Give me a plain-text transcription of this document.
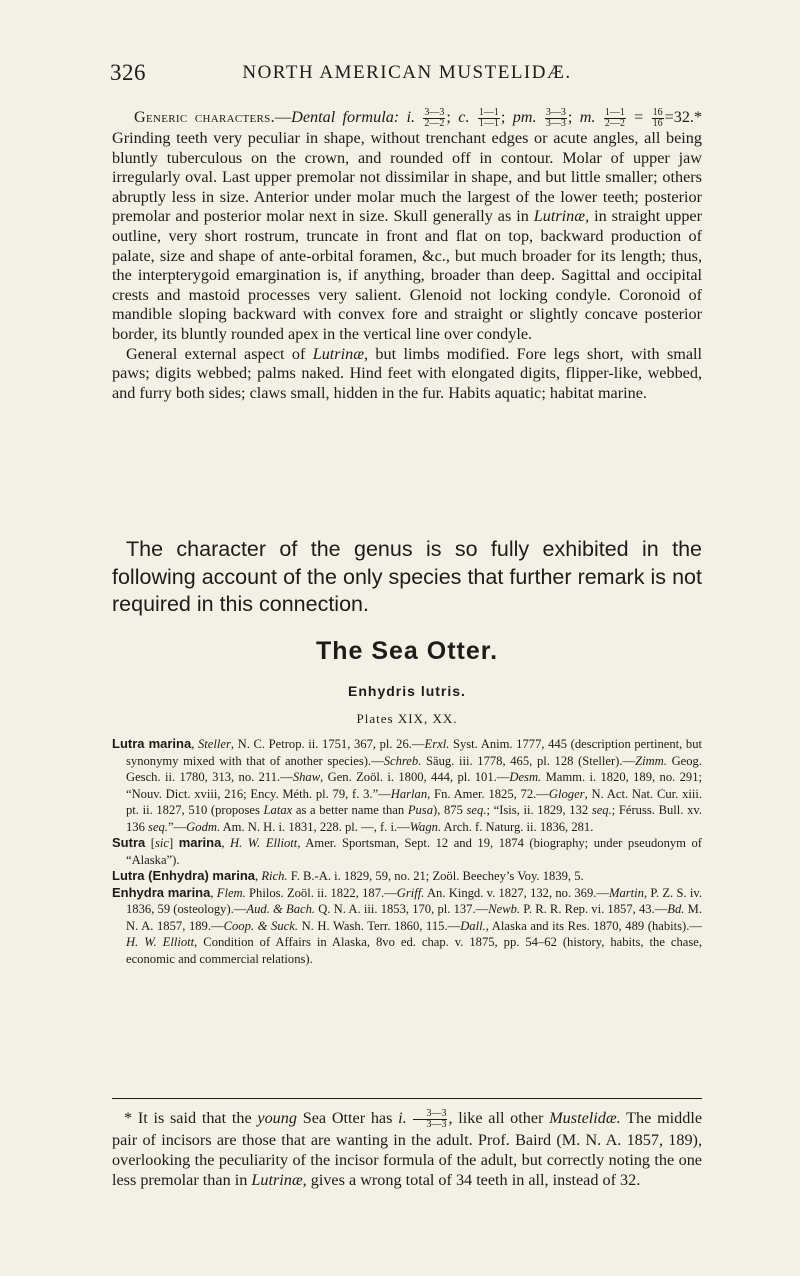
326	NORTH AMERICAN MUSTELIDÆ.

Generic characters.—Dental formula: i. $\frac{3—3}{2—2}$ ; c. $\frac{1—1}{1—1}$ ; pm. $\frac{3—3}{3—3}$ ; m. $\frac{1—1}{2—2} = \frac{16}{16} =32.*$ Grinding teeth very peculiar in shape, without trenchant edges or acute angles, all being bluntly tuberculous on the crown, and rounded off in contour. Molar of upper jaw irregularly oval. Last upper premolar not dissimilar in shape, and but little smaller; others abruptly less in size. Anterior under molar much the largest of the lower teeth; posterior premolar and posterior molar next in size. Skull generally as in Lutrinæ, in straight upper outline, very short rostrum, truncate in front and flat on top, backward production of palate, size and shape of ante-orbital foramen, &c., but much broader for its length; thus, the interpterygoid emargination is, if anything, broader than deep. Sagittal and occipital crests and mastoid processes very salient. Glenoid not locking condyle. Coronoid of mandible sloping backward with convex fore and straight or slightly concave posterior border, its bluntly rounded apex in the vertical line over condyle.

General external aspect of Lutrinæ, but limbs modified. Fore legs short, with small paws; digits webbed; palms naked. Hind feet with elongated digits, flipper-like, webbed, and furry both sides; claws small, hidden in the fur. Habits aquatic; habitat marine.

The character of the genus is so fully exhibited in the following account of the only species that further remark is not required in this connection.
The Sea Otter.
Enhydris lutris.
Plates XIX, XX.

Lutra marina, Steller, N. C. Petrop. ii. 1751, 367, pl. 26.—Erxl. Syst. Anim. 1777, 445 (description pertinent, but synonymy mixed with that of another species).—Schreb. Säug. iii. 1778, 465, pl. 128 (Steller).—Zimm. Geog. Gesch. ii. 1780, 313, no. 211.—Shaw, Gen. Zoöl. i. 1800, 444, pl. 101.—Desm. Mamm. i. 1820, 189, no. 291; “Nouv. Dict. xviii, 216; Ency. Méth. pl. 79, f. 3.”—Harlan, Fn. Amer. 1825, 72.—Gloger, N. Act. Nat. Cur. xiii. pt. ii. 1827, 510 (proposes Latax as a better name than Pusa), 875 seq.; “Isis, ii. 1829, 132 seq.; Féruss. Bull. xv. 136 seq.”—Godm. Am. N. H. i. 1831, 228. pl. —, f. i.—Wagn. Arch. f. Naturg. ii. 1836, 281.

Sutra [sic] marina, H. W. Elliott, Amer. Sportsman, Sept. 12 and 19, 1874 (biography; under pseudonym of “Alaska”).

Lutra (Enhydra) marina, Rich. F. B.-A. i. 1829, 59, no. 21; Zoöl. Beechey’s Voy. 1839, 5.

Enhydra marina, Flem. Philos. Zoöl. ii. 1822, 187.—Griff. An. Kingd. v. 1827, 132, no. 369.—Martin, P. Z. S. iv. 1836, 59 (osteology).—Aud. & Bach. Q. N. A. iii. 1853, 170, pl. 137.—Newb. P. R. R. Rep. vi. 1857, 43.—Bd. M. N. A. 1857, 189.—Coop. & Suck. N. H. Wash. Terr. 1860, 115.—Dall., Alaska and its Res. 1870, 489 (habits).—H. W. Elliott, Condition of Affairs in Alaska, 8vo ed. chap. v. 1875, pp. 54–62 (history, habits, the chase, economic and commercial relations).

* It is said that the young Sea Otter has i. $\frac{3—3}{3—3}$ , like all other Mustelidæ. The middle pair of incisors are those that are wanting in the adult. Prof. Baird (M. N. A. 1857, 189), overlooking the peculiarity of the incisor formula of the adult, but correctly noting the one less premolar than in Lutrinæ, gives a wrong total of 34 teeth in all, instead of 32.
